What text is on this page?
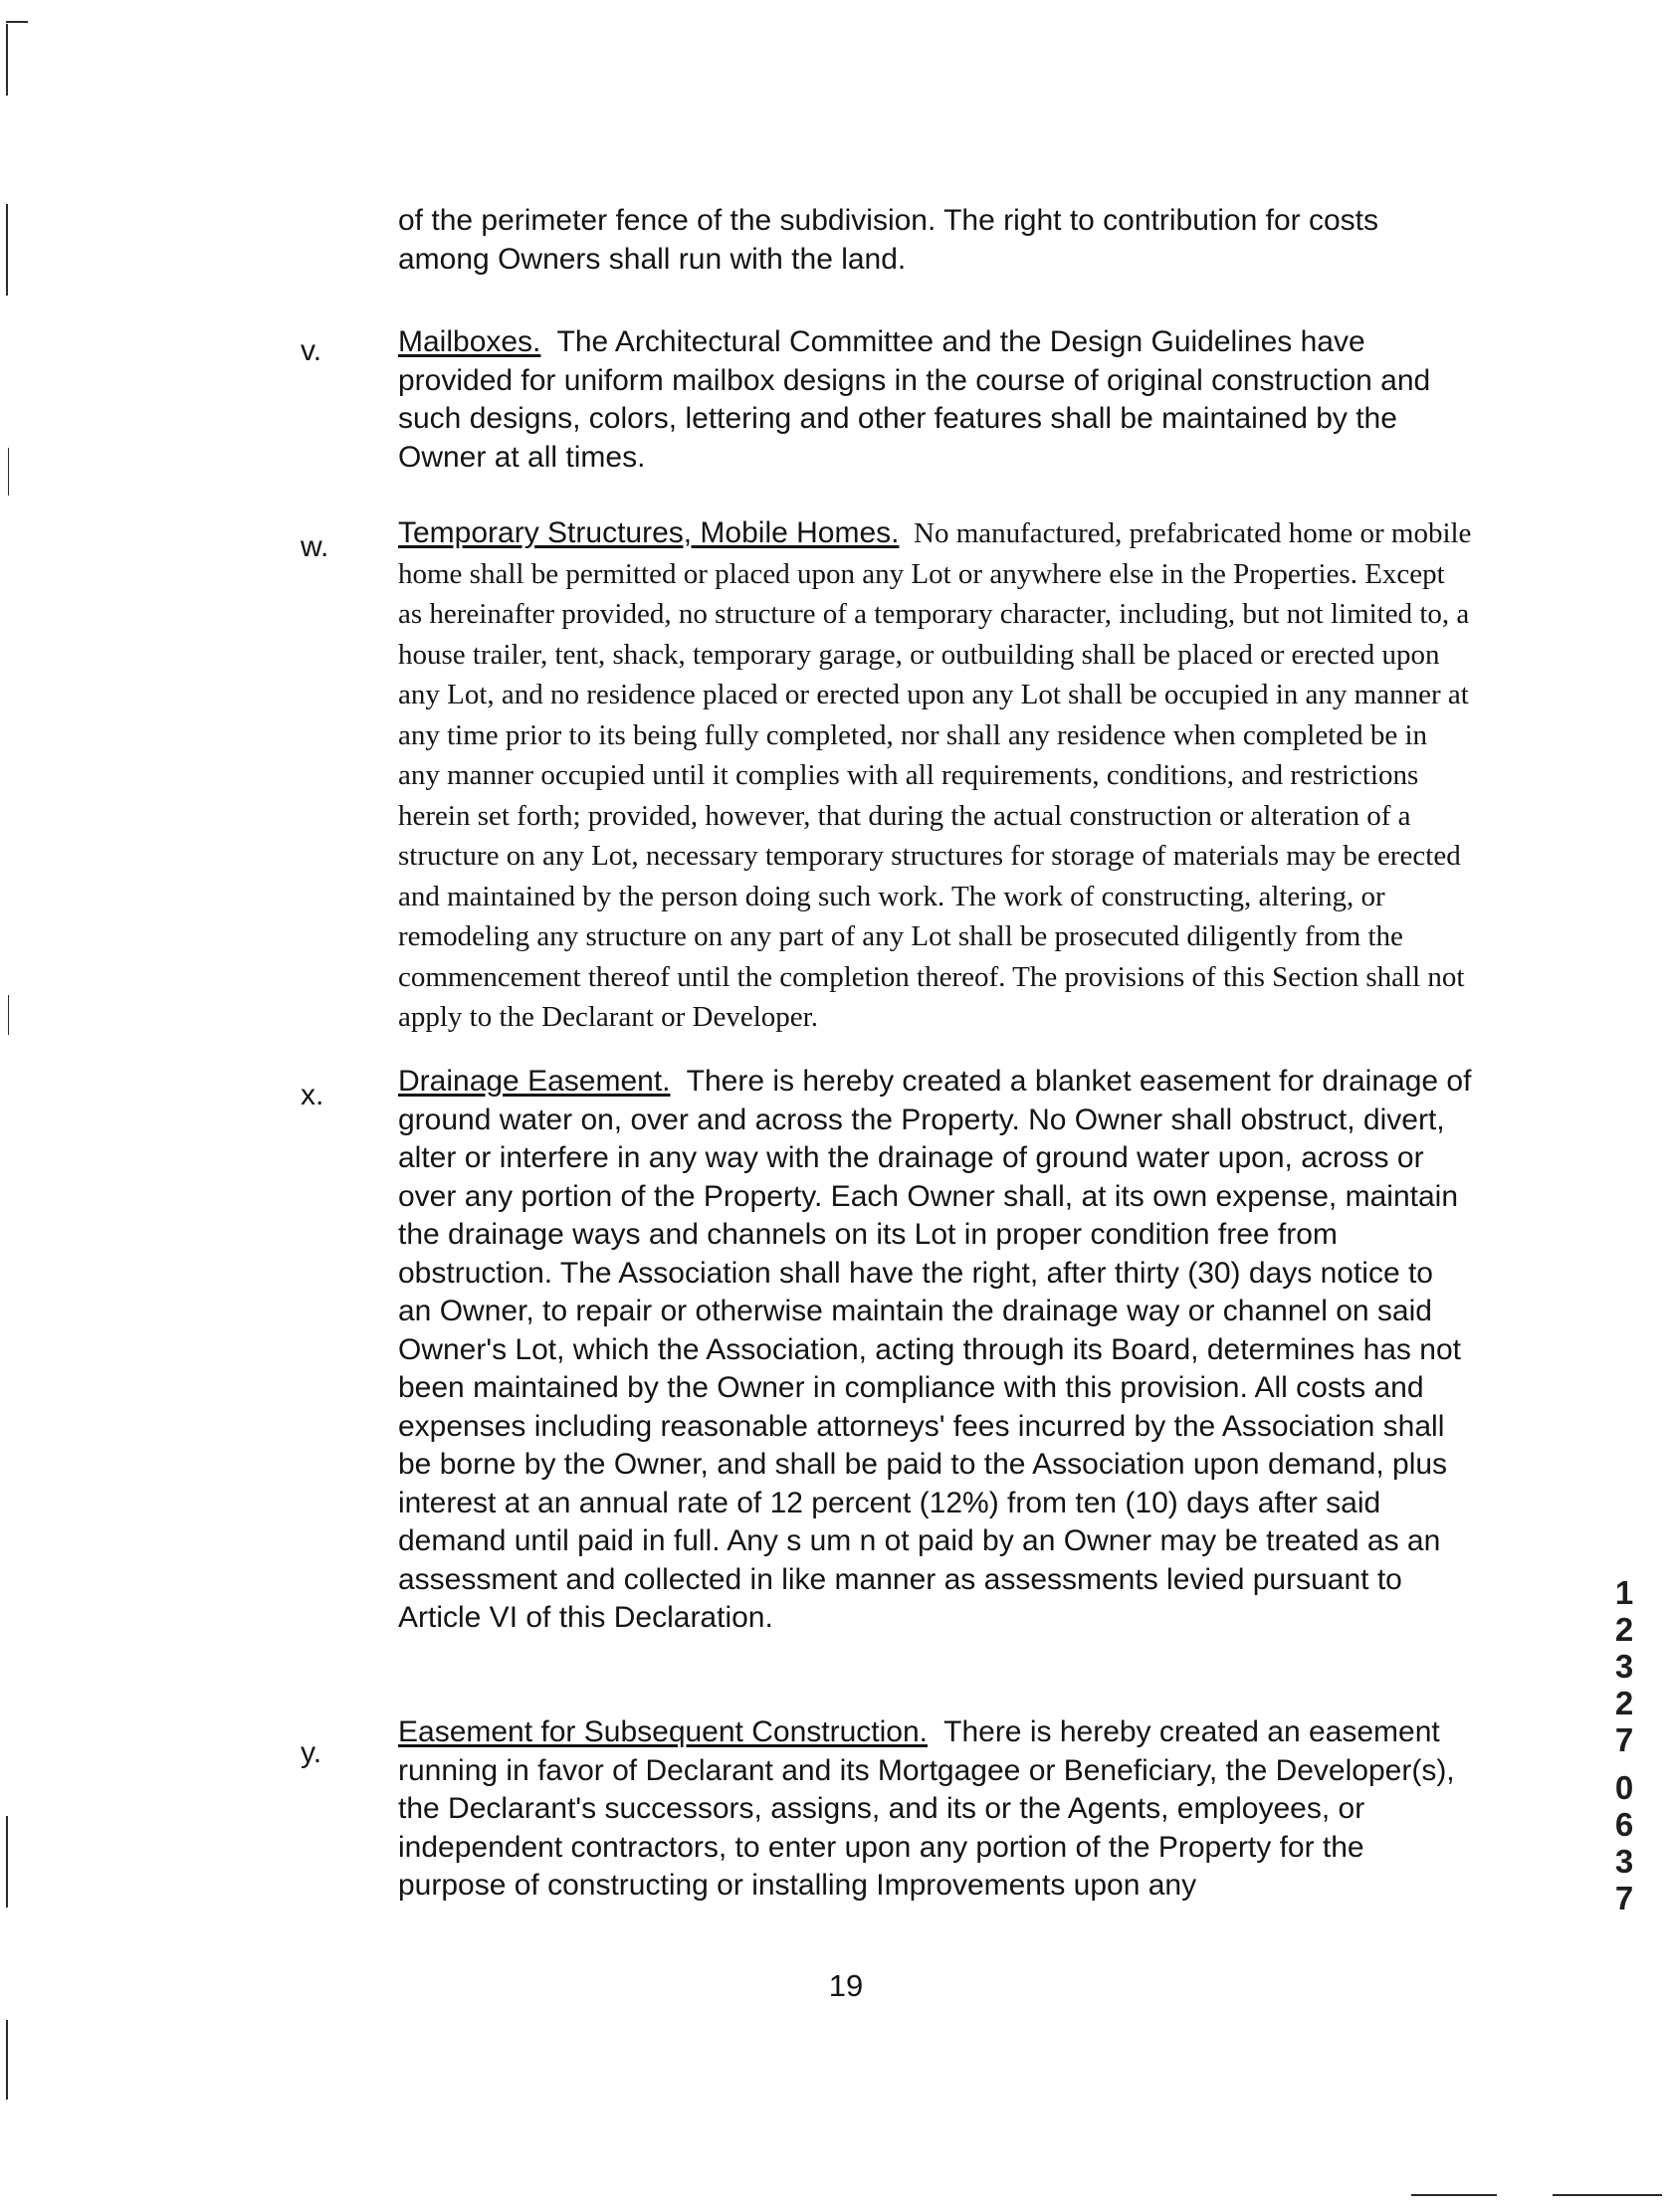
of the perimeter fence of the subdivision. The right to contribution for costs among Owners shall run with the land.

v.	Mailboxes. The Architectural Committee and the Design Guidelines have provided for uniform mailbox designs in the course of original construction and such designs, colors, lettering and other features shall be maintained by the Owner at all times.

w. Temporary Structures, Mobile Homes. No manufactured, prefabricated home or mobile home shall be permitted or placed upon any Lot or anywhere else in the Properties. Except as hereinafter provided, no structure of a temporary character, including, but not limited to, a house trailer, tent, shack, temporary garage, or outbuilding shall be placed or erected upon any Lot, and no residence placed or erected upon any Lot shall be occupied in any manner at any time prior to its being fully completed, nor shall any residence when completed be in any manner occupied until it complies with all requirements, conditions, and restrictions herein set forth; provided, however, that during the actual construction or alteration of a structure on any Lot, necessary temporary structures for storage of materials may be erected and maintained by the person doing such work. The work of constructing, altering, or remodeling any structure on any part of any Lot shall be prosecuted diligently from the commencement thereof until the completion thereof. The provisions of this Section shall not apply to the Declarant or Developer.

x. Drainage Easement. There is hereby created a blanket easement for drainage of ground water on, over and across the Property. No Owner shall obstruct, divert, alter or interfere in any way with the drainage of ground water upon, across or over any portion of the Property. Each Owner shall, at its own expense, maintain the drainage ways and channels on its Lot in proper condition free from obstruction. The Association shall have the right, after thirty (30) days notice to an Owner, to repair or otherwise maintain the drainage way or channel on said Owner's Lot, which the Association, acting through its Board, determines has not been maintained by the Owner in compliance with this provision. All costs and expenses including reasonable attorneys' fees incurred by the Association shall be borne by the Owner, and shall be paid to the Association upon demand, plus interest at an annual rate of 12 percent (12%) from ten (10) days after said demand until paid in full. Any s um n ot paid by an Owner may be treated as an assessment and collected in like manner as assessments levied pursuant to Article VI of this Declaration.

y.

Easement for Subsequent Construction. There is hereby created an easement running in favor of Declarant and its Mortgagee or Beneficiary, the Developer(s), the Declarant's successors, assigns, and its or the Agents, employees, or independent contractors, to enter upon any portion of the Property for the purpose of constructing or installing Improvements upon any

19
12327
0637
